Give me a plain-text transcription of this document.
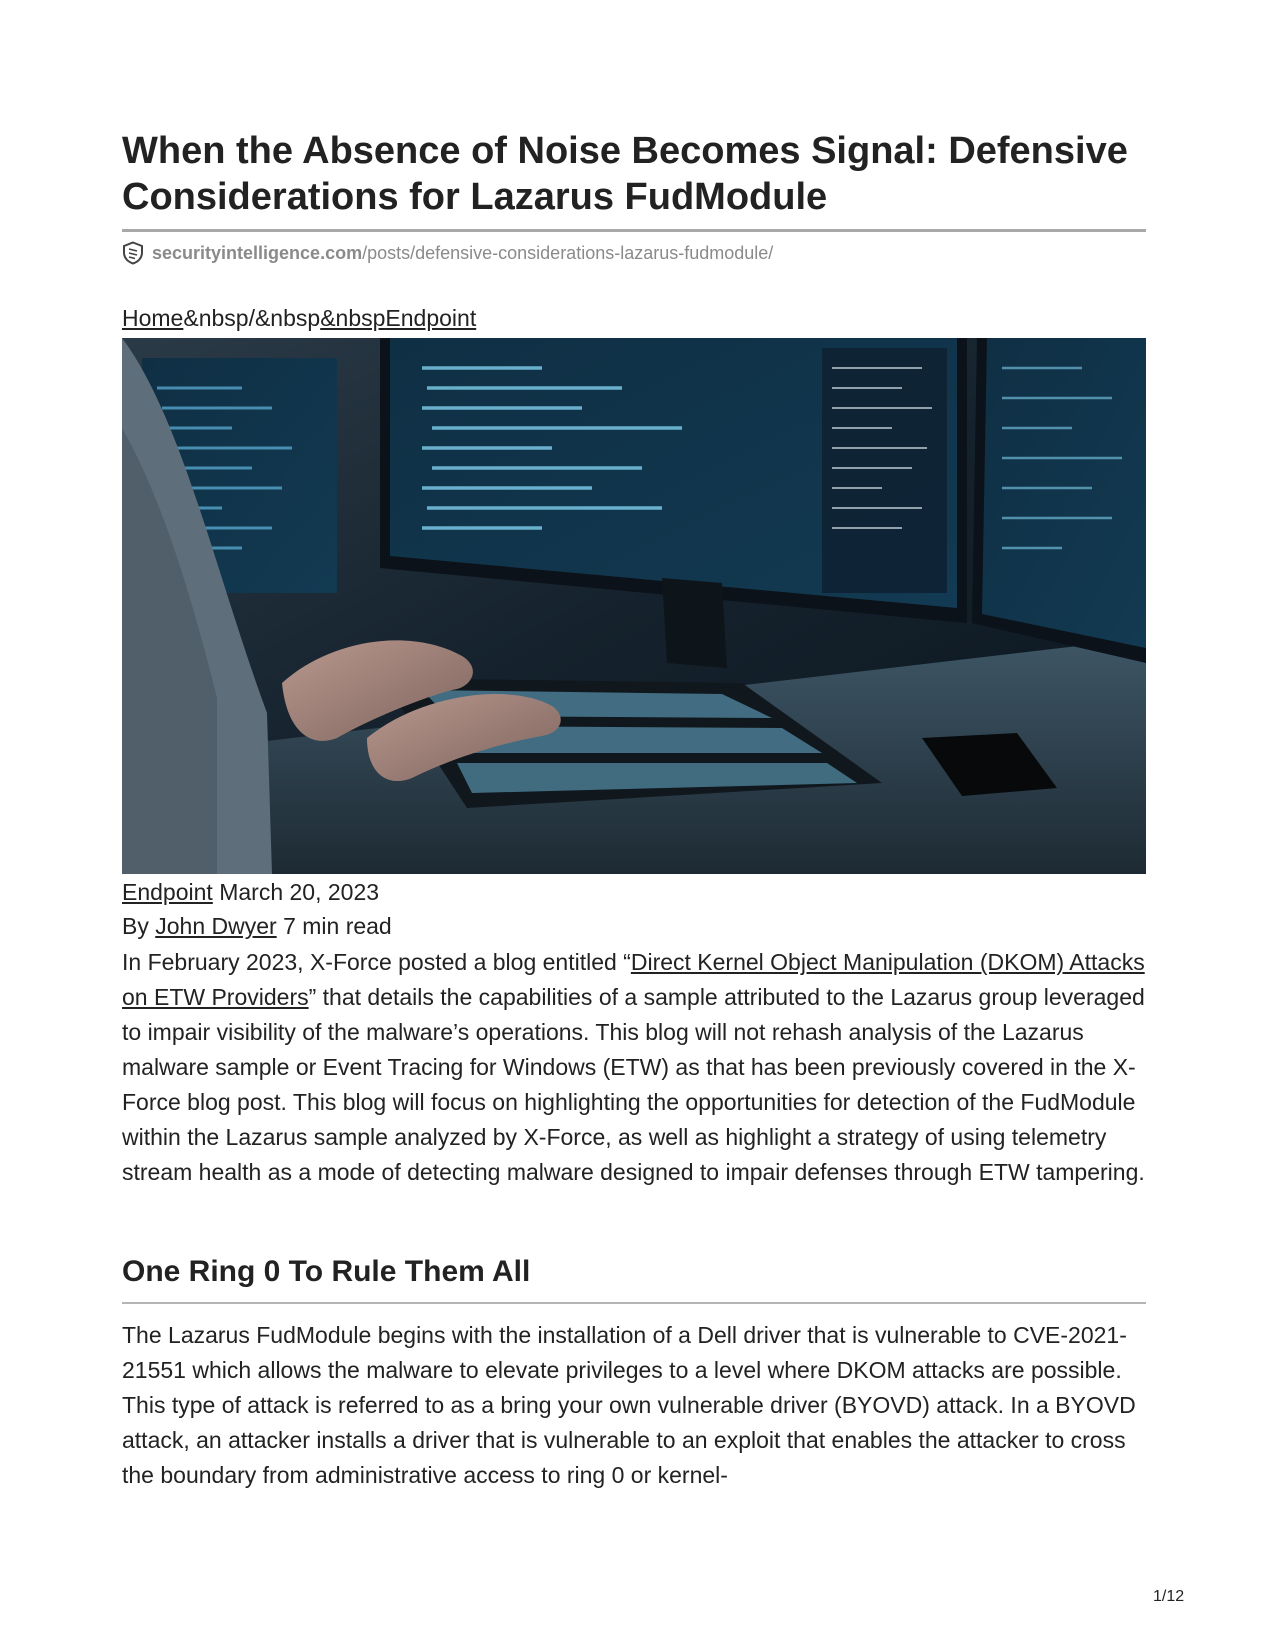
When the Absence of Noise Becomes Signal: Defensive Considerations for Lazarus FudModule
securityintelligence.com /posts/defensive-considerations-lazarus-fudmodule/
Home&nbsp/&nbsp&nbspEndpoint
Endpoint March 20, 2023
By John Dwyer 7 min read

In February 2023, X-Force posted a blog entitled “Direct Kernel Object Manipulation (DKOM) Attacks on ETW Providers” that details the capabilities of a sample attributed to the Lazarus group leveraged to impair visibility of the malware’s operations. This blog will not rehash analysis of the Lazarus malware sample or Event Tracing for Windows (ETW) as that has been previously covered in the X-Force blog post. This blog will focus on highlighting the opportunities for detection of the FudModule within the Lazarus sample analyzed by X-Force, as well as highlight a strategy of using telemetry stream health as a mode of detecting malware designed to impair defenses through ETW tampering.

One Ring 0 To Rule Them All

The Lazarus FudModule begins with the installation of a Dell driver that is vulnerable to CVE-2021-21551 which allows the malware to elevate privileges to a level where DKOM attacks are possible. This type of attack is referred to as a bring your own vulnerable driver (BYOVD) attack. In a BYOVD attack, an attacker installs a driver that is vulnerable to an exploit that enables the attacker to cross the boundary from administrative access to ring 0 or kernel-

1/12
